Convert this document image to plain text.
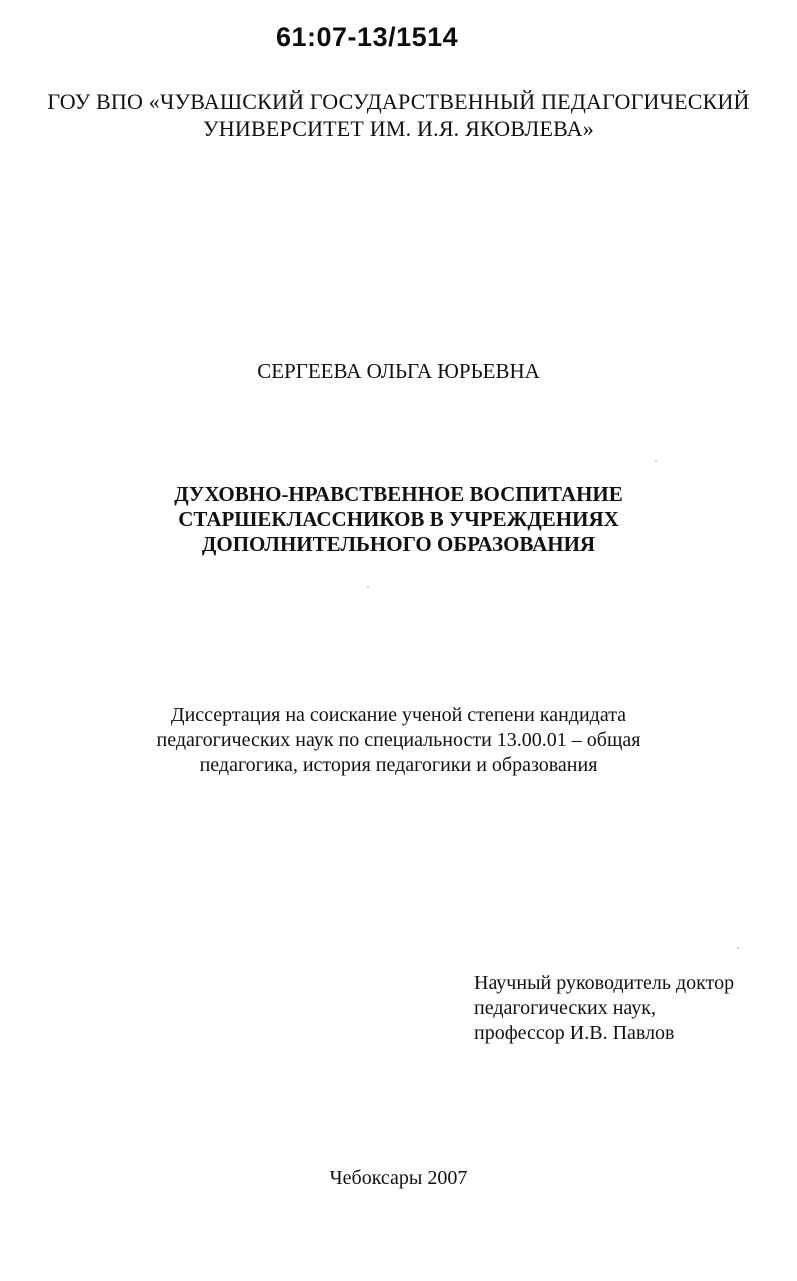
61:07-13/1514
ГОУ ВПО «ЧУВАШСКИЙ ГОСУДАРСТВЕННЫЙ ПЕДАГОГИЧЕСКИЙ
УНИВЕРСИТЕТ ИМ. И.Я. ЯКОВЛЕВА»
СЕРГЕЕВА ОЛЬГА ЮРЬЕВНА
ДУХОВНО-НРАВСТВЕННОЕ ВОСПИТАНИЕ
СТАРШЕКЛАССНИКОВ В УЧРЕЖДЕНИЯХ
ДОПОЛНИТЕЛЬНОГО ОБРАЗОВАНИЯ
Диссертация на соискание ученой степени кандидата
педагогических наук по специальности 13.00.01 – общая
педагогика, история педагогики и образования
Научный руководитель доктор
педагогических наук,
профессор И.В. Павлов
Чебоксары 2007
